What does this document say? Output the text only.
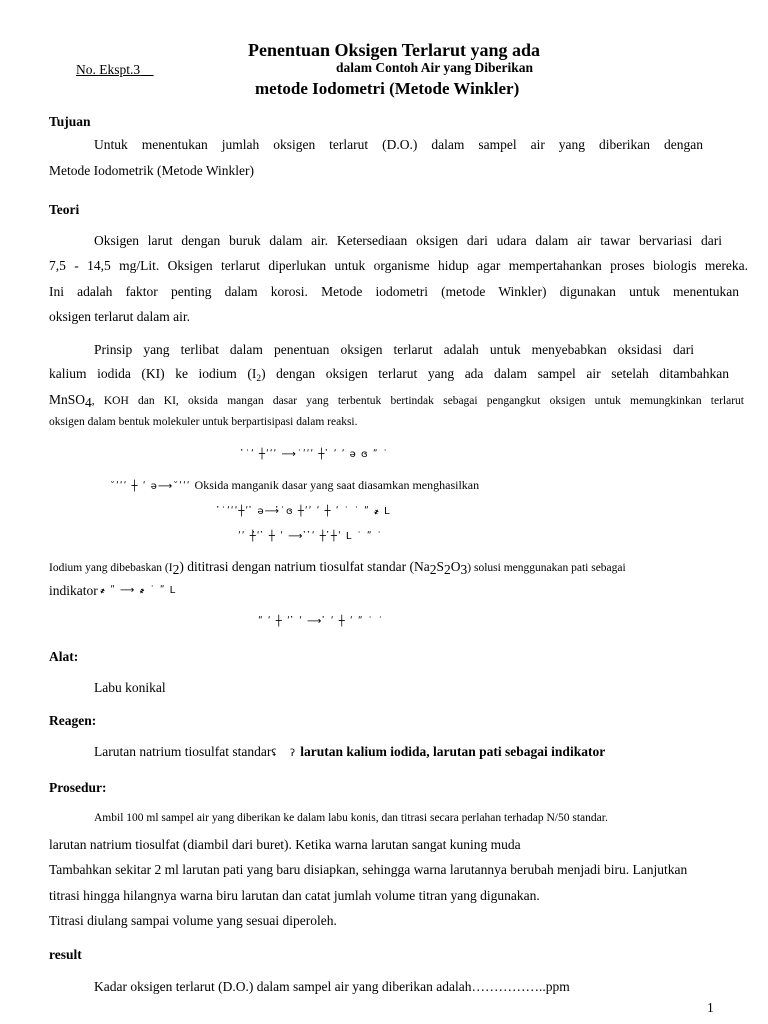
No. Ekspt.3
Penentuan Oksigen Terlarut yang ada
dalam Contoh Air yang Diberikan
metode Iodometri (Metode Winkler)
Tujuan
Untuk menentukan jumlah oksigen terlarut (D.O.) dalam sampel air yang diberikan dengan
Metode Iodometrik (Metode Winkler)
Teori
Oksigen larut dengan buruk dalam air. Ketersediaan oksigen dari udara dalam air tawar bervariasi dari
7,5 - 14,5 mg/Lit. Oksigen terlarut diperlukan untuk organisme hidup agar mempertahankan proses biologis mereka.
Ini adalah faktor penting dalam korosi. Metode iodometri (metode Winkler) digunakan untuk menentukan
oksigen terlarut dalam air.
Prinsip yang terlibat dalam penentuan oksigen terlarut adalah untuk menyebabkan oksidasi dari
kalium iodida (KI) ke iodium $(I_2)$ dengan oksigen terlarut yang ada dalam sampel air setelah ditambahkan
MnSO$_4$, KOH dan KI, oksida mangan dasar yang terbentuk bertindak sebagai pengangkut oksigen untuk memungkinkan terlarut
oksigen dalam bentuk molekuler untuk berpartisipasi dalam reaksi.
҅˙ʹ ┼ʹʹʹ ⟶˙ʹʹʹ ┼ ҅ ʹ ʹ ə ɞ ʺ ˙
˘ʹʹʹ ┼ ʹ ə⟶˘ʹʹʹ Oksida manganik dasar yang saat diasamkan menghasilkan
҅˙ʹʹʹ┼ʹ ҅ ə⟶҅˙ɞ ┼ʹʹ ʹ ┼ ʹ ˙ ˙ ʺ ҂ L
ʹʹ ┼҅ʹ ҅ ┼ ʹ ⟶ ҅ ҅ʹ ┼ ҅┼ʹ L ˙ ʺ ˙
Iodium yang dibebaskan $(I_2)$ dititrasi dengan natrium tiosulfat standar $(Na_2S_2O_3)$ solusi menggunakan pati sebagai
indikator ҂ ʺ ⟶ ҂ ˙ ʺ L
ʺ ʹ ┼ ʹ ҅ ʹ ⟶ ҅ ʹ ┼ ʹ ʺ ˙ ˙
Alat:
Labu konikal
Reagen:
Larutan natrium tiosulfat standarʢ   ʔ larutan kalium iodida, larutan pati sebagai indikator
Prosedur:
Ambil 100 ml sampel air yang diberikan ke dalam labu konis, dan titrasi secara perlahan terhadap N/50 standar.
larutan natrium tiosulfat (diambil dari buret). Ketika warna larutan sangat kuning muda
Tambahkan sekitar 2 ml larutan pati yang baru disiapkan, sehingga warna larutannya berubah menjadi biru. Lanjutkan
titrasi hingga hilangnya warna biru larutan dan catat jumlah volume titran yang digunakan.
Titrasi diulang sampai volume yang sesuai diperoleh.
result
Kadar oksigen terlarut (D.O.) dalam sampel air yang diberikan adalah……………..ppm
1
